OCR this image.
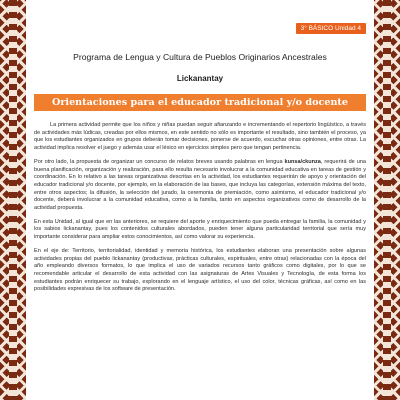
3° BÁSICO Unidad 4
Programa de Lengua y Cultura de Pueblos Originarios Ancestrales
Lickanantay
Orientaciones para el educador tradicional y/o docente

La primera actividad permite que los niños y niñas puedan seguir afianzando e incrementando el repertorio lingüístico, a través de actividades más lúdicas, creadas por ellos mismos, en este sentido no sólo es importante el resultado, sino también el proceso, ya que los estudiantes organizados en grupos deberán tomar decisiones, ponerse de acuerdo, escuchar otras opiniones, entre otras. La actividad implica resolver el juego y además usar el léxico en ejercicios simples pero que tengan pertinencia.

Por otro lado, la propuesta de organizar un concurso de relatos breves usando palabras en lengua kunsa/ckunza, requerirá de una buena planificación, organización y realización, para ello resulta necesario involucrar a la comunidad educativa en tareas de gestión y coordinación. En lo relativo a las tareas organizativas descritas en la actividad, los estudiantes requerirán de apoyo y orientación del educador tradicional y/o docente, por ejemplo, en la elaboración de las bases, que incluya las categorías, extensión máxima del texto, entre otros aspectos; la difusión, la selección del jurado, la ceremonia de premiación, como asimismo, el educador tradicional y/o docente, deberá involucrar a la comunidad educativa, como a la familia, tanto en aspectos organizativos como de desarrollo de la actividad propuesta.

En esta Unidad, al igual que en las anteriores, se requiere del aporte y enriquecimiento que pueda entregar la familia, la comunidad y los sabios lickanantay, pues los contenidos culturales abordados, pueden tener alguna particularidad territorial que sería muy importante considerar para ampliar estos conocimientos, así como valorar su experiencia.

En el eje de: Territorio, territorialidad, identidad y memoria histórica, los estudiantes elaboran una presentación sobre algunas actividades propias del pueblo lickanantay (productivas, prácticas culturales, espirituales, entre otras) relacionadas con la época del año empleando diversos formatos, lo que implica el uso de variados recursos tanto gráficos como digitales, por lo que se recomendable articular el desarrollo de esta actividad con las asignaturas de Artes Visuales y Tecnología, de esta forma los estudiantes podrán enriquecer su trabajo, explorando en el lenguaje artístico, el uso del color, técnicas gráficas, así como en las posibilidades expresivas de los software de presentación.
